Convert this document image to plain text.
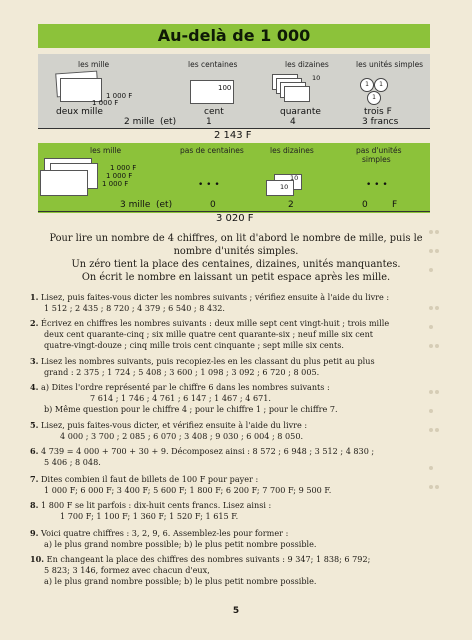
Au-delà de 1 000
les mille	les centaines	les dizaines	les unités simples
1 000 F
1 000 F
100
10
1	1
1
deux mille	cent	quarante	trois F
2 mille (et)	1	4	3 francs
2 143 F
les mille	pas de centaines	les dizaines	pas d'unités
simples
1 000 F
1 000 F
1 000 F	• • •
10
10	• • •
3 mille (et)	0	2	0	F
3 020 F
Pour lire un nombre de 4 chiffres, on lit d'abord le nombre de mille, puis le nombre d'unités simples.
Un zéro tient la place des centaines, dizaines, unités manquantes.
On écrit le nombre en laissant un petit espace après les mille.
1. Lisez, puis faites-vous dicter les nombres suivants ; vérifiez ensuite à l'aide du livre :
1 512 ; 2 435 ; 8 720 ; 4 379 ; 6 540 ; 8 432.
2. Écrivez en chiffres les nombres suivants : deux mille sept cent vingt-huit ; trois mille
deux cent quarante-cinq ; six mille quatre cent quarante-six ; neuf mille six cent
quatre-vingt-douze ; cinq mille trois cent cinquante ; sept mille six cents.
3. Lisez les nombres suivants, puis recopiez-les en les classant du plus petit au plus
grand : 2 375 ; 1 724 ; 5 408 ; 3 600 ; 1 098 ; 3 092 ; 6 720 ; 8 005.
4. a) Dites l'ordre représenté par le chiffre 6 dans les nombres suivants :
7 614 ; 1 746 ; 4 761 ; 6 147 ; 1 467 ; 4 671.
b) Même question pour le chiffre 4 ; pour le chiffre 1 ; pour le chiffre 7.
5. Lisez, puis faites-vous dicter, et vérifiez ensuite à l'aide du livre :
4 000 ; 3 700 ; 2 085 ; 6 070 ; 3 408 ; 9 030 ; 6 004 ; 8 050.
6. 4 739 = 4 000 + 700 + 30 + 9. Décomposez ainsi : 8 572 ; 6 948 ; 3 512 ; 4 830 ;
5 406 ; 8 048.
7. Dites combien il faut de billets de 100 F pour payer :
1 000 F; 6 000 F; 3 400 F; 5 600 F; 1 800 F; 6 200 F; 7 700 F; 9 500 F.
8. 1 800 F se lit parfois : dix-huit cents francs. Lisez ainsi :
1 700 F; 1 100 F; 1 360 F; 1 520 F; 1 615 F.
9. Voici quatre chiffres : 3, 2, 9, 6. Assemblez-les pour former :
a) le plus grand nombre possible; b) le plus petit nombre possible.
10. En changeant la place des chiffres des nombres suivants : 9 347; 1 838; 6 792;
5 823; 3 146, formez avec chacun d'eux,
a) le plus grand nombre possible; b) le plus petit nombre possible.

5
